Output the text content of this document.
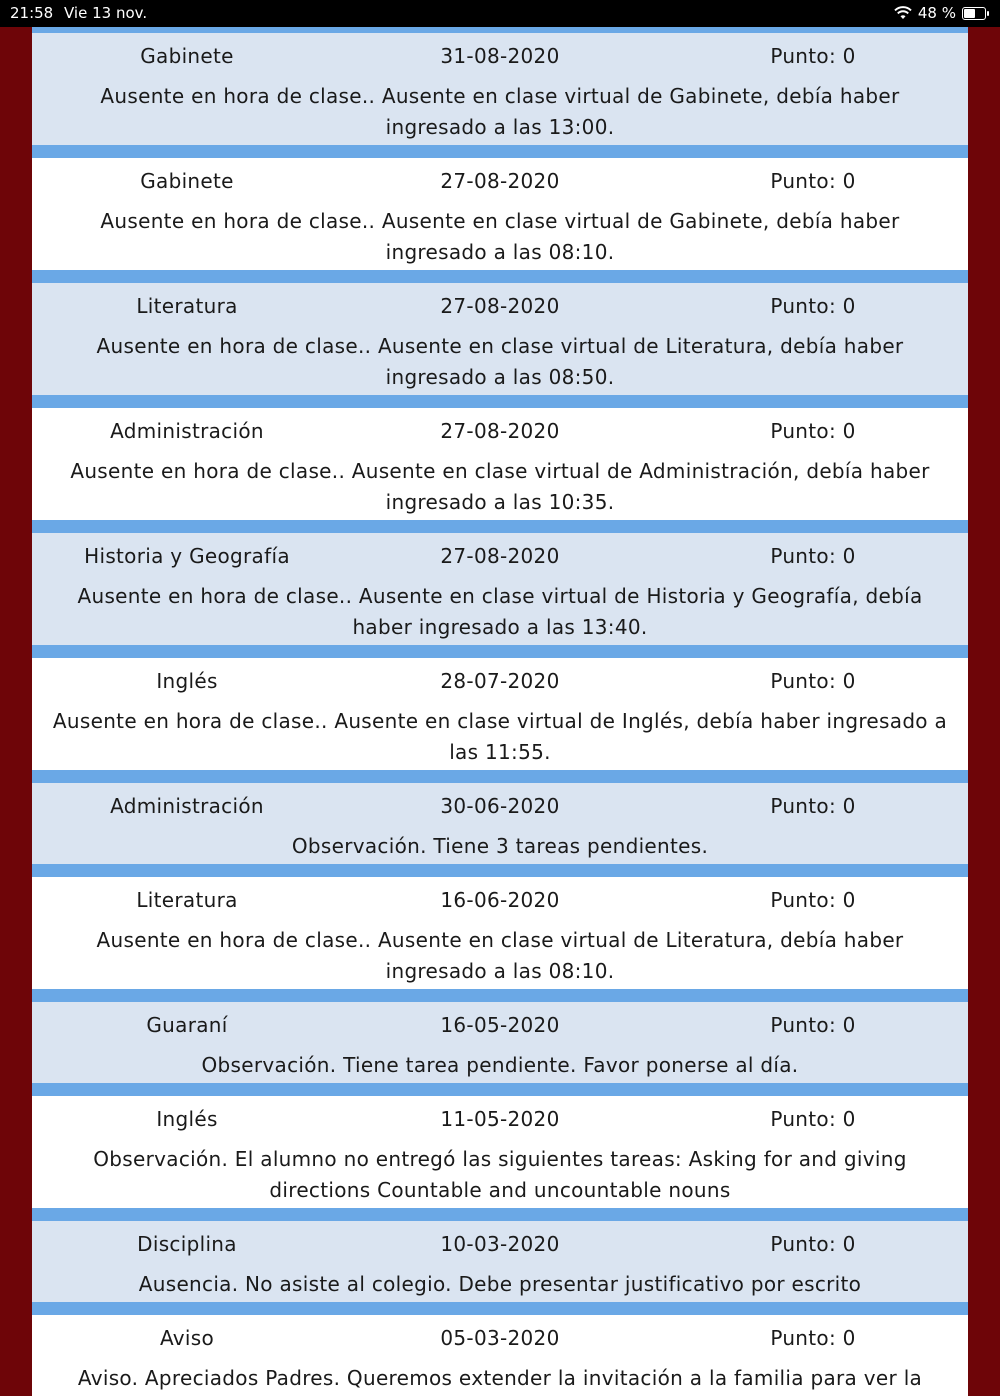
21:58 Vie 13 nov.	48 %
Gabinete	31-08-2020	Punto: 0
Ausente en hora de clase.. Ausente en clase virtual de Gabinete, debía haber ingresado a las 13:00.
Gabinete	27-08-2020	Punto: 0
Ausente en hora de clase.. Ausente en clase virtual de Gabinete, debía haber ingresado a las 08:10.
Literatura	27-08-2020	Punto: 0
Ausente en hora de clase.. Ausente en clase virtual de Literatura, debía haber ingresado a las 08:50.
Administración	27-08-2020	Punto: 0
Ausente en hora de clase.. Ausente en clase virtual de Administración, debía haber ingresado a las 10:35.
Historia y Geografía	27-08-2020	Punto: 0
Ausente en hora de clase.. Ausente en clase virtual de Historia y Geografía, debía haber ingresado a las 13:40.
Inglés	28-07-2020	Punto: 0
Ausente en hora de clase.. Ausente en clase virtual de Inglés, debía haber ingresado a las 11:55.
Administración	30-06-2020	Punto: 0
Observación. Tiene 3 tareas pendientes.
Literatura	16-06-2020	Punto: 0
Ausente en hora de clase.. Ausente en clase virtual de Literatura, debía haber ingresado a las 08:10.
Guaraní	16-05-2020	Punto: 0
Observación. Tiene tarea pendiente. Favor ponerse al día.
Inglés	11-05-2020	Punto: 0
Observación. El alumno no entregó las siguientes tareas: Asking for and giving directions Countable and uncountable nouns
Disciplina	10-03-2020	Punto: 0
Ausencia. No asiste al colegio. Debe presentar justificativo por escrito
Aviso	05-03-2020	Punto: 0
Aviso. Apreciados Padres. Queremos extender la invitación a la familia para ver la
